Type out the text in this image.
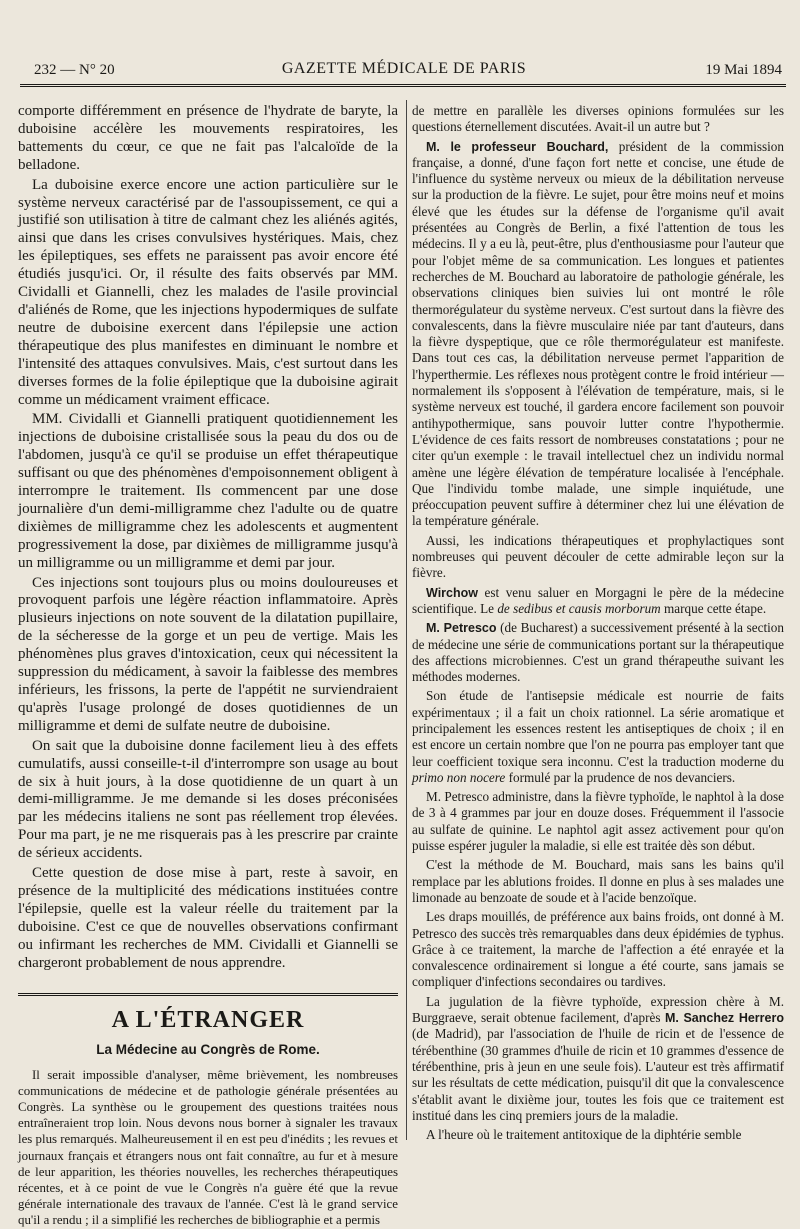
232 — N° 20	GAZETTE MÉDICALE DE PARIS	19 Mai 1894

comporte différemment en présence de l'hydrate de baryte, la duboisine accélère les mouvements respiratoires, les battements du cœur, ce que ne fait pas l'alcaloïde de la belladone.

La duboisine exerce encore une action particulière sur le système nerveux caractérisé par de l'assoupissement, ce qui a justifié son utilisation à titre de calmant chez les aliénés agités, ainsi que dans les crises convulsives hystériques. Mais, chez les épileptiques, ses effets ne paraissent pas avoir encore été étudiés jusqu'ici. Or, il résulte des faits observés par MM. Cividalli et Giannelli, chez les malades de l'asile provincial d'aliénés de Rome, que les injections hypodermiques de sulfate neutre de duboisine exercent dans l'épilepsie une action thérapeutique des plus manifestes en diminuant le nombre et l'intensité des attaques convulsives. Mais, c'est surtout dans les diverses formes de la folie épileptique que la duboisine agirait comme un médicament vraiment efficace.

MM. Cividalli et Giannelli pratiquent quotidiennement les injections de duboisine cristallisée sous la peau du dos ou de l'abdomen, jusqu'à ce qu'il se produise un effet thérapeutique suffisant ou que des phénomènes d'empoisonnement obligent à interrompre le traitement. Ils commencent par une dose journalière d'un demi-milligramme chez l'adulte ou de quatre dixièmes de milligramme chez les adolescents et augmentent progressivement la dose, par dixièmes de milligramme jusqu'à un milligramme ou un milligramme et demi par jour.

Ces injections sont toujours plus ou moins douloureuses et provoquent parfois une légère réaction inflammatoire. Après plusieurs injections on note souvent de la dilatation pupillaire, de la sécheresse de la gorge et un peu de vertige. Mais les phénomènes plus graves d'intoxication, ceux qui nécessitent la suppression du médicament, à savoir la faiblesse des membres inférieurs, les frissons, la perte de l'appétit ne surviendraient qu'après l'usage prolongé de doses quotidiennes de un milligramme et demi de sulfate neutre de duboisine.

On sait que la duboisine donne facilement lieu à des effets cumulatifs, aussi conseille-t-il d'interrompre son usage au bout de six à huit jours, à la dose quotidienne de un quart à un demi-milligramme. Je me demande si les doses préconisées par les médecins italiens ne sont pas réellement trop élevées. Pour ma part, je ne me risquerais pas à les prescrire par crainte de sérieux accidents.

Cette question de dose mise à part, reste à savoir, en présence de la multiplicité des médications instituées contre l'épilepsie, quelle est la valeur réelle du traitement par la duboisine. C'est ce que de nouvelles observations confirmant ou infirmant les recherches de MM. Cividalli et Giannelli se chargeront probablement de nous apprendre.

A L'ÉTRANGER
La Médecine au Congrès de Rome.

Il serait impossible d'analyser, même brièvement, les nombreuses communications de médecine et de pathologie générale présentées au Congrès. La synthèse ou le groupement des questions traitées nous entraîneraient trop loin. Nous devons nous borner à signaler les travaux les plus remarqués. Malheureusement il en est peu d'inédits ; les revues et journaux français et étrangers nous ont fait connaître, au fur et à mesure de leur apparition, les théories nouvelles, les recherches thérapeutiques récentes, et à ce point de vue le Congrès n'a guère été que la revue générale internationale des travaux de l'année. C'est là le grand service qu'il a rendu ; il a simplifié les recherches de bibliographie et a permis

de mettre en parallèle les diverses opinions formulées sur les questions éternellement discutées. Avait-il un autre but ?

M. le professeur Bouchard, président de la commission française, a donné, d'une façon fort nette et concise, une étude de l'influence du système nerveux ou mieux de la débilitation nerveuse sur la production de la fièvre. Le sujet, pour être moins neuf et moins élevé que les études sur la défense de l'organisme qu'il avait présentées au Congrès de Berlin, a fixé l'attention de tous les médecins. Il y a eu là, peut-être, plus d'enthousiasme pour l'auteur que pour l'objet même de sa communication. Les longues et patientes recherches de M. Bouchard au laboratoire de pathologie générale, les observations cliniques bien suivies lui ont montré le rôle thermorégulateur du système nerveux. C'est surtout dans la fièvre des convalescents, dans la fièvre musculaire niée par tant d'auteurs, dans la fièvre dyspeptique, que ce rôle thermorégulateur est manifeste. Dans tout ces cas, la débilitation nerveuse permet l'apparition de l'hyperthermie. Les réflexes nous protègent contre le froid intérieur — normalement ils s'opposent à l'élévation de température, mais, si le système nerveux est touché, il gardera encore facilement son pouvoir antihypothermique, sans pouvoir lutter contre l'hypothermie. L'évidence de ces faits ressort de nombreuses constatations ; pour ne citer qu'un exemple : le travail intellectuel chez un individu normal amène une légère élévation de température localisée à l'encéphale. Que l'individu tombe malade, une simple inquiétude, une préoccupation peuvent suffire à déterminer chez lui une élévation de la température générale.

Aussi, les indications thérapeutiques et prophylactiques sont nombreuses qui peuvent découler de cette admirable leçon sur la fièvre.

Wirchow est venu saluer en Morgagni le père de la médecine scientifique. Le de sedibus et causis morborum marque cette étape.

M. Petresco (de Bucharest) a successivement présenté à la section de médecine une série de communications portant sur la thérapeutique des affections microbiennes. C'est un grand thérapeuthe suivant les méthodes modernes.

Son étude de l'antisepsie médicale est nourrie de faits expérimentaux ; il a fait un choix rationnel. La série aromatique et principalement les essences restent les antiseptiques de choix ; il en est encore un certain nombre que l'on ne pourra pas employer tant que leur coefficient toxique sera inconnu. C'est la traduction moderne du primo non nocere formulé par la prudence de nos devanciers.

M. Petresco administre, dans la fièvre typhoïde, le naphtol à la dose de 3 à 4 grammes par jour en douze doses. Fréquemment il l'associe au sulfate de quinine. Le naphtol agit assez activement pour qu'on puisse espérer juguler la maladie, si elle est traitée dès son début.

C'est la méthode de M. Bouchard, mais sans les bains qu'il remplace par les ablutions froides. Il donne en plus à ses malades une limonade au benzoate de soude et à l'acide benzoïque.

Les draps mouillés, de préférence aux bains froids, ont donné à M. Petresco des succès très remarquables dans deux épidémies de typhus. Grâce à ce traitement, la marche de l'affection a été enrayée et la convalescence ordinairement si longue a été courte, sans jamais se compliquer d'infections secondaires ou tardives.

La jugulation de la fièvre typhoïde, expression chère à M. Burggraeve, serait obtenue facilement, d'après M. Sanchez Herrero (de Madrid), par l'association de l'huile de ricin et de l'essence de térébenthine (30 grammes d'huile de ricin et 10 grammes d'essence de térébenthine, pris à jeun en une seule fois). L'auteur est très affirmatif sur les résultats de cette médication, puisqu'il dit que la convalescence s'établit avant le dixième jour, toutes les fois que ce traitement est institué dans les cinq premiers jours de la maladie.

A l'heure où le traitement antitoxique de la diphtérie semble
